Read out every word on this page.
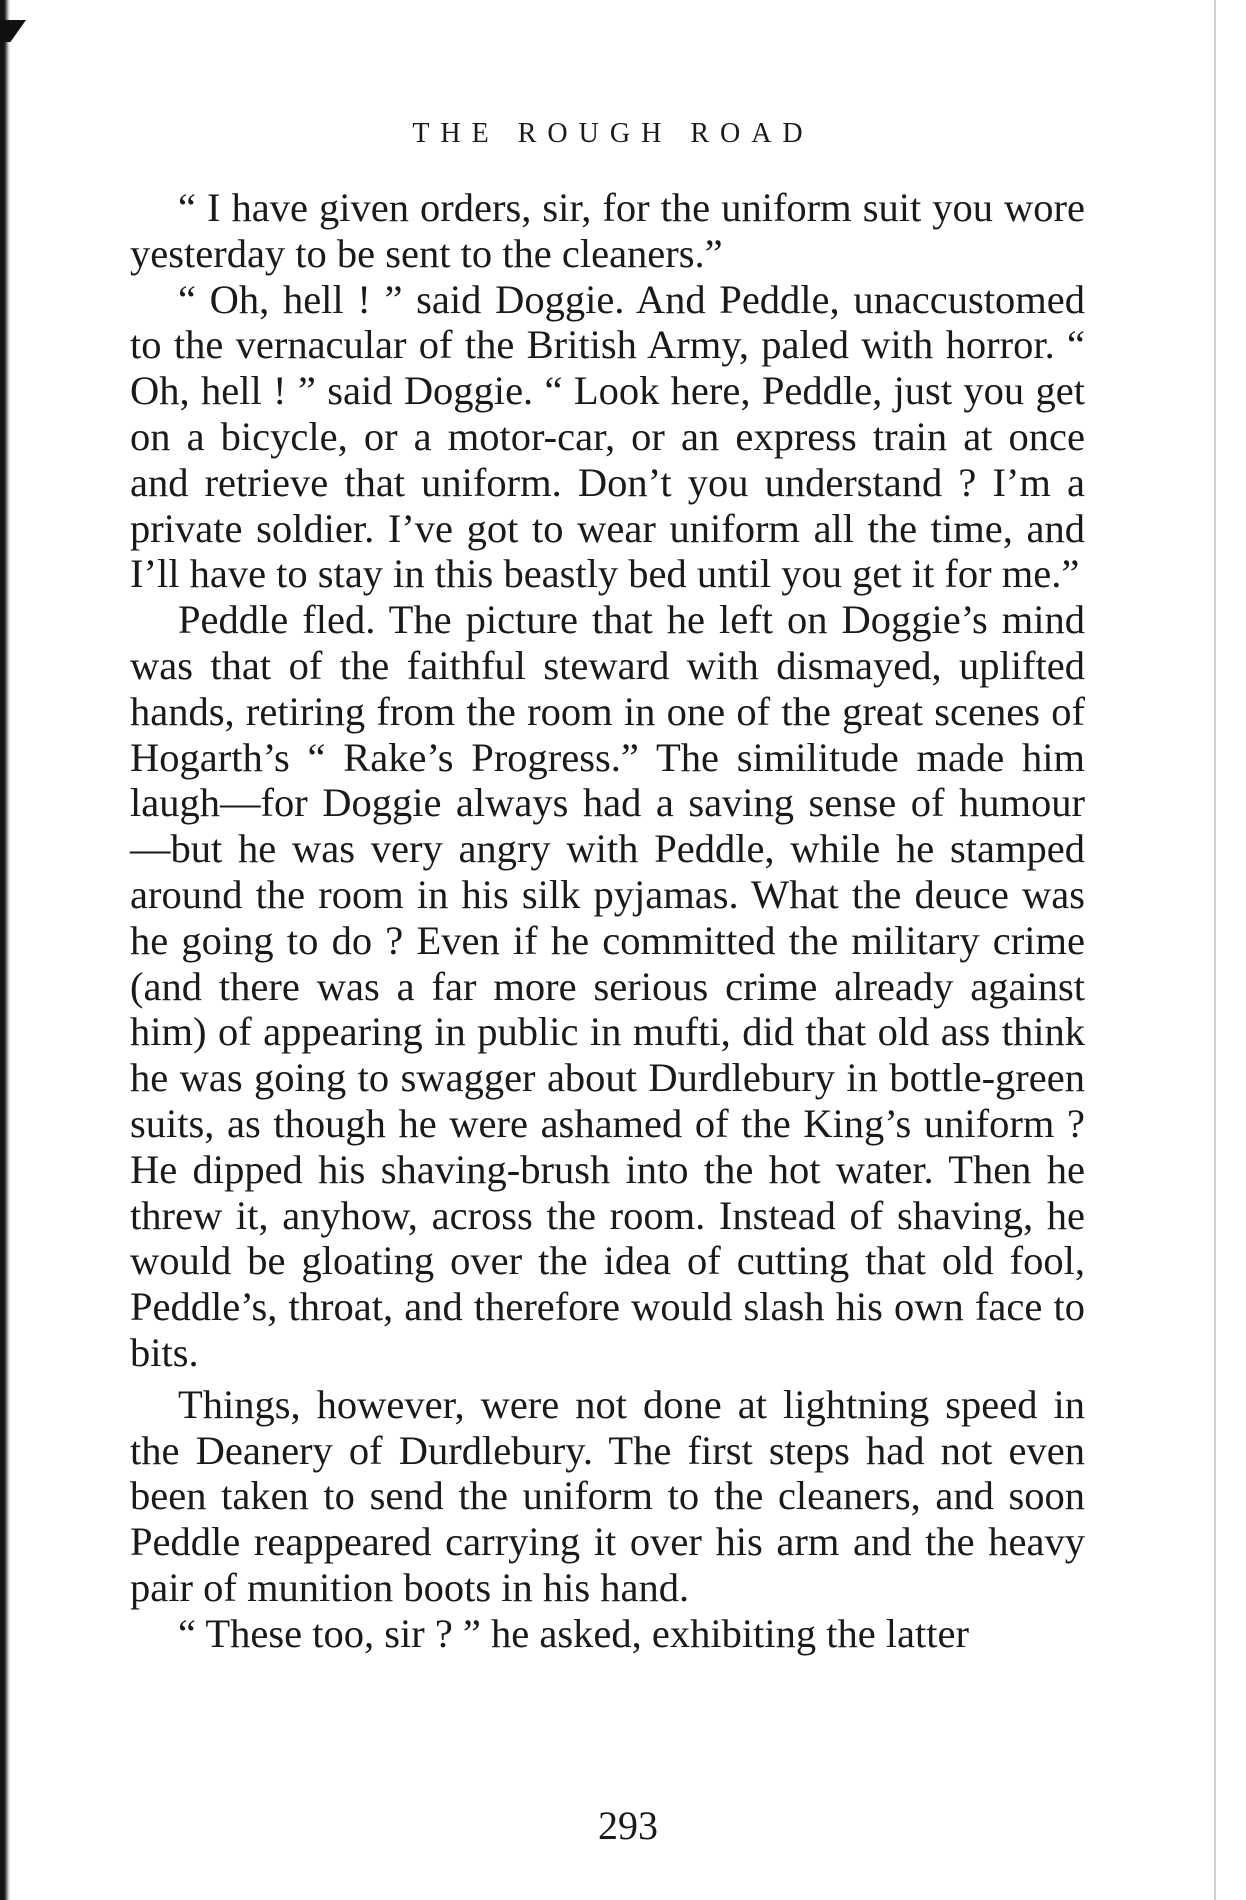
THE ROUGH ROAD

“ I have given orders, sir, for the uniform suit you wore yesterday to be sent to the cleaners.”

“ Oh, hell ! ” said Doggie. And Peddle, unaccustomed to the vernacular of the British Army, paled with horror. “ Oh, hell ! ” said Doggie. “ Look here, Peddle, just you get on a bicycle, or a motor-car, or an express train at once and retrieve that uniform. Don’t you understand ? I’m a private soldier. I’ve got to wear uniform all the time, and I’ll have to stay in this beastly bed until you get it for me.”

Peddle fled. The picture that he left on Doggie’s mind was that of the faithful steward with dismayed, uplifted hands, retiring from the room in one of the great scenes of Hogarth’s “ Rake’s Progress.” The similitude made him laugh—for Doggie always had a saving sense of humour—but he was very angry with Peddle, while he stamped around the room in his silk pyjamas. What the deuce was he going to do ? Even if he committed the military crime (and there was a far more serious crime already against him) of appearing in public in mufti, did that old ass think he was going to swagger about Durdlebury in bottle-green suits, as though he were ashamed of the King’s uniform ? He dipped his shaving-brush into the hot water. Then he threw it, anyhow, across the room. Instead of shaving, he would be gloating over the idea of cutting that old fool, Peddle’s, throat, and therefore would slash his own face to bits.

Things, however, were not done at lightning speed in the Deanery of Durdlebury. The first steps had not even been taken to send the uniform to the cleaners, and soon Peddle reappeared carrying it over his arm and the heavy pair of munition boots in his hand.

“ These too, sir ? ” he asked, exhibiting the latter

293
